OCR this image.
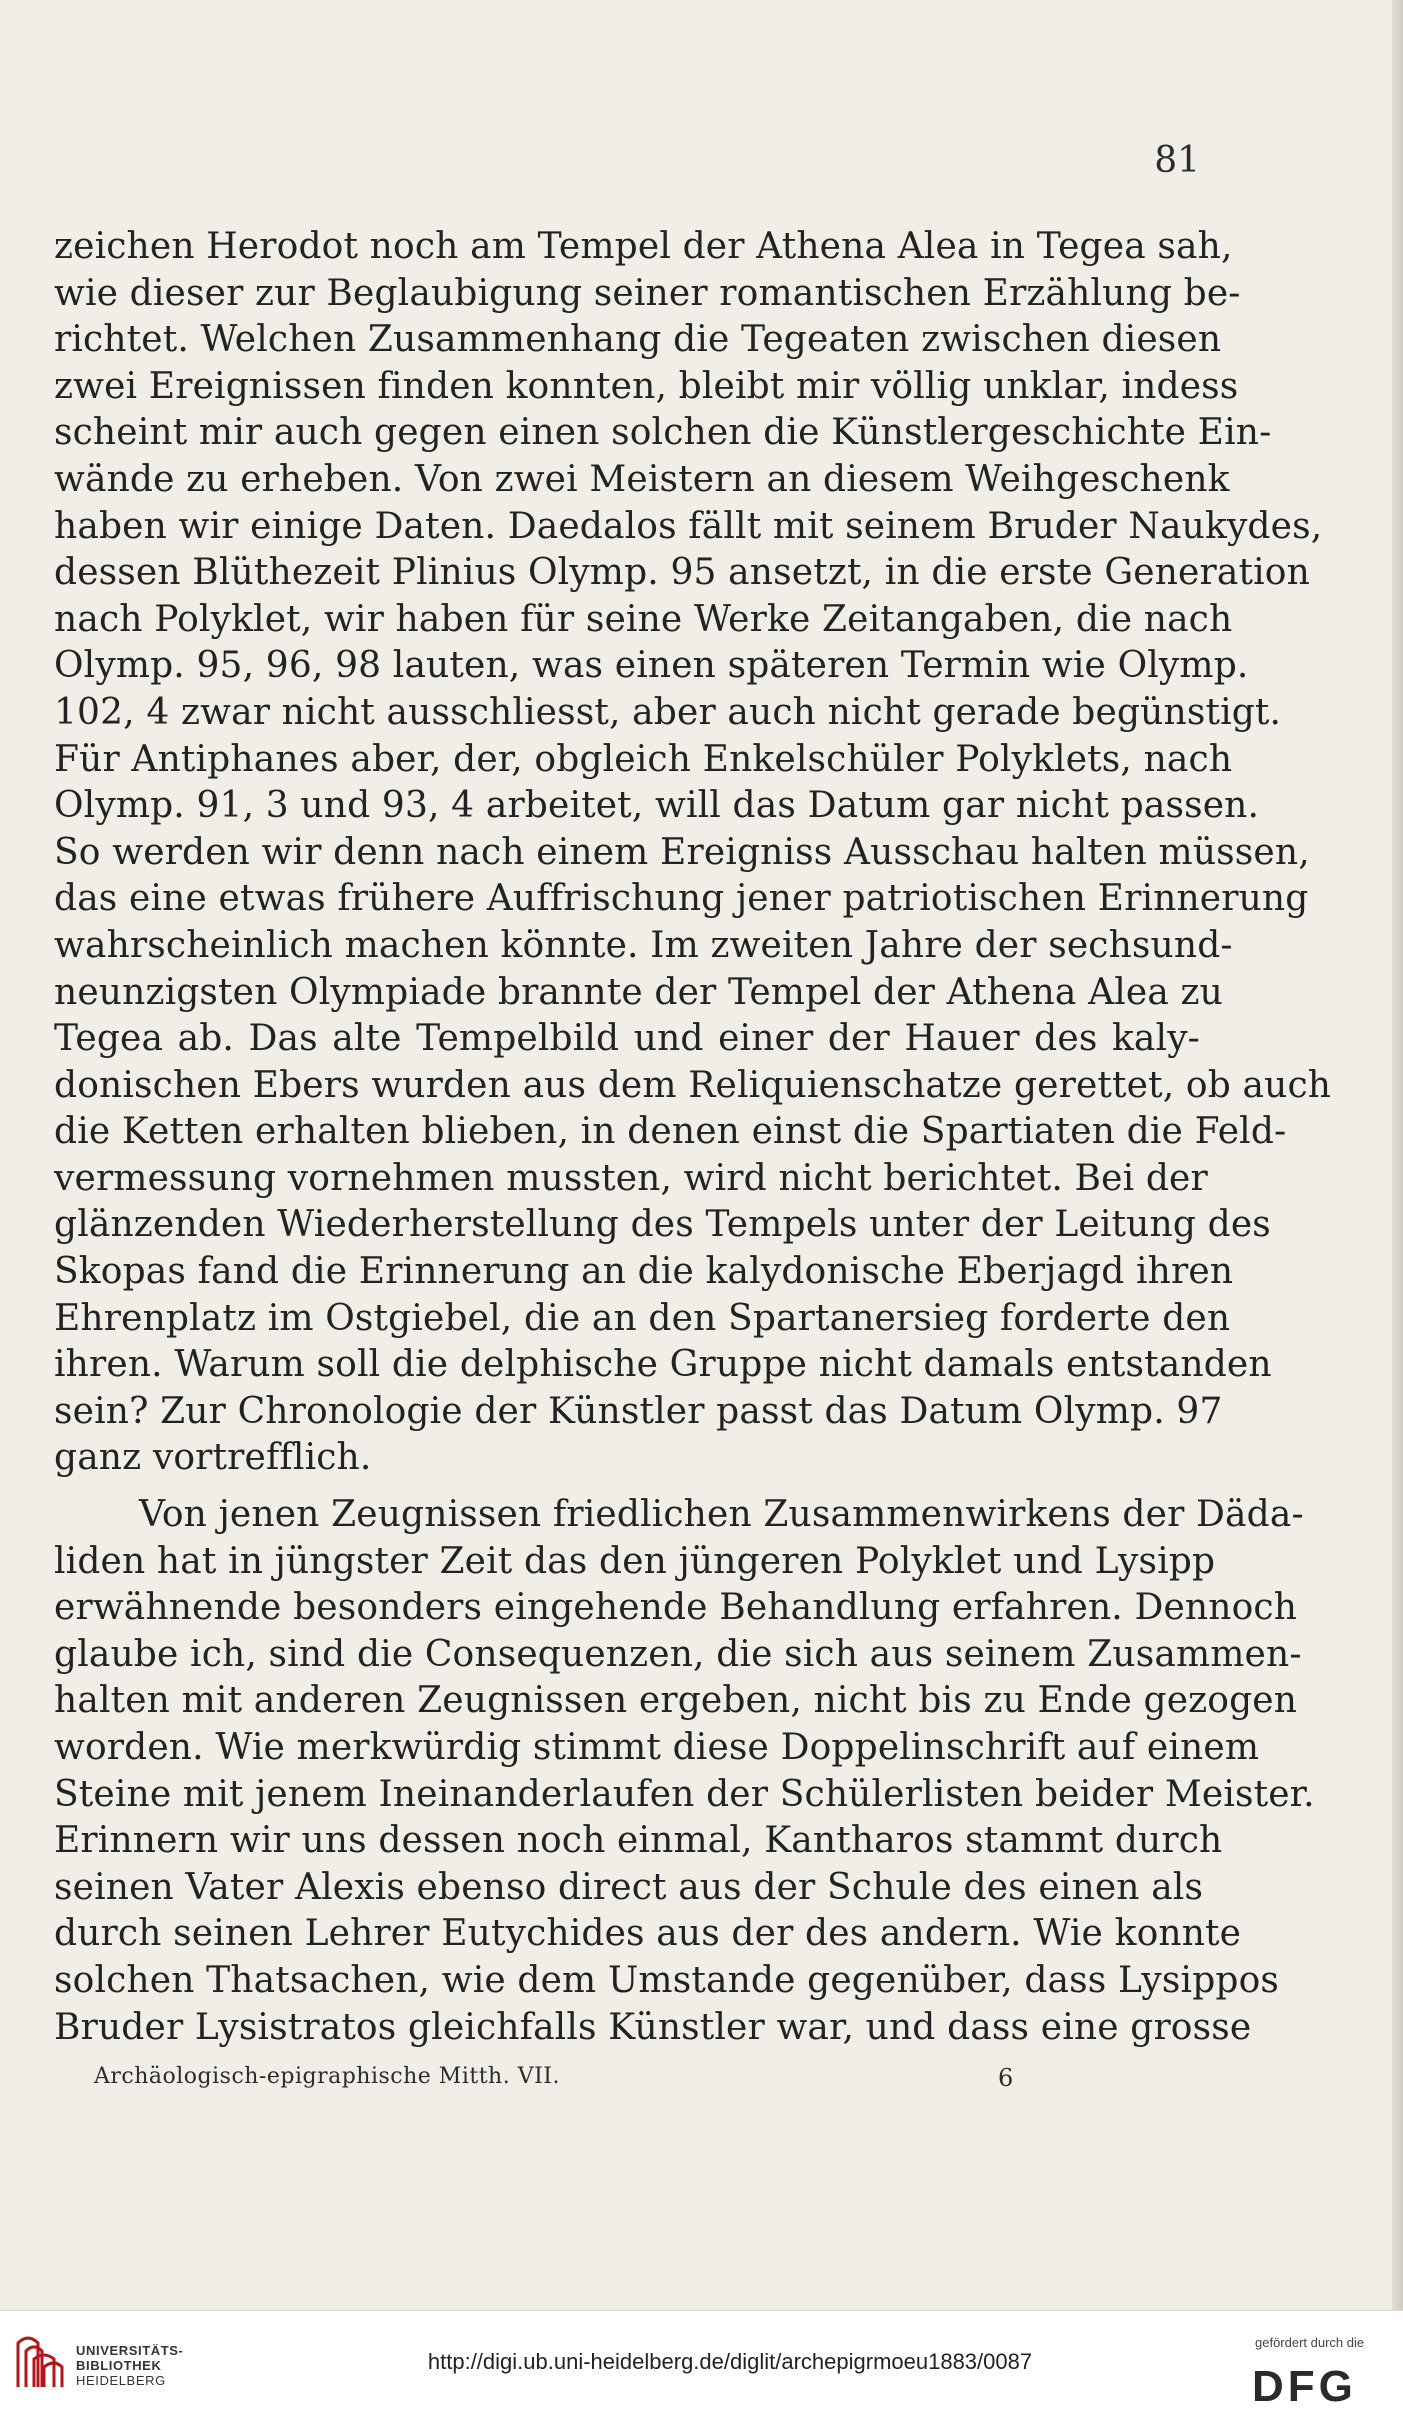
81
zeichen Herodot noch am Tempel der Athena Alea in Tegea sah,
wie dieser zur Beglaubigung seiner romantischen Erzählung be-
richtet. Welchen Zusammenhang die Tegeaten zwischen diesen
zwei Ereignissen finden konnten, bleibt mir völlig unklar, indess
scheint mir auch gegen einen solchen die Künstlergeschichte Ein-
wände zu erheben. Von zwei Meistern an diesem Weihgeschenk
haben wir einige Daten. Daedalos fällt mit seinem Bruder Naukydes,
dessen Blüthezeit Plinius Olymp. 95 ansetzt, in die erste Generation
nach Polyklet, wir haben für seine Werke Zeitangaben, die nach
Olymp. 95, 96, 98 lauten, was einen späteren Termin wie Olymp.
102, 4 zwar nicht ausschliesst, aber auch nicht gerade begünstigt.
Für Antiphanes aber, der, obgleich Enkelschüler Polyklets, nach
Olymp. 91, 3 und 93, 4 arbeitet, will das Datum gar nicht passen.
So werden wir denn nach einem Ereigniss Ausschau halten müssen,
das eine etwas frühere Auffrischung jener patriotischen Erinnerung
wahrscheinlich machen könnte. Im zweiten Jahre der sechsund-
neunzigsten Olympiade brannte der Tempel der Athena Alea zu
Tegea ab. Das alte Tempelbild und einer der Hauer des kaly-
donischen Ebers wurden aus dem Reliquienschatze gerettet, ob auch
die Ketten erhalten blieben, in denen einst die Spartiaten die Feld-
vermessung vornehmen mussten, wird nicht berichtet. Bei der
glänzenden Wiederherstellung des Tempels unter der Leitung des
Skopas fand die Erinnerung an die kalydonische Eberjagd ihren
Ehrenplatz im Ostgiebel, die an den Spartanersieg forderte den
ihren. Warum soll die delphische Gruppe nicht damals entstanden
sein? Zur Chronologie der Künstler passt das Datum Olymp. 97
ganz vortrefflich.
Von jenen Zeugnissen friedlichen Zusammenwirkens der Däda-
liden hat in jüngster Zeit das den jüngeren Polyklet und Lysipp
erwähnende besonders eingehende Behandlung erfahren. Dennoch
glaube ich, sind die Consequenzen, die sich aus seinem Zusammen-
halten mit anderen Zeugnissen ergeben, nicht bis zu Ende gezogen
worden. Wie merkwürdig stimmt diese Doppelinschrift auf einem
Steine mit jenem Ineinanderlaufen der Schülerlisten beider Meister.
Erinnern wir uns dessen noch einmal, Kantharos stammt durch
seinen Vater Alexis ebenso direct aus der Schule des einen als
durch seinen Lehrer Eutychides aus der des andern. Wie konnte
solchen Thatsachen, wie dem Umstande gegenüber, dass Lysippos
Bruder Lysistratos gleichfalls Künstler war, und dass eine grosse
Archäologisch-epigraphische Mitth. VII.	6
UNIVERSITÄTS-
BIBLIOTHEK
HEIDELBERG
http://digi.ub.uni-heidelberg.de/diglit/archepigrmoeu1883/0087
gefördert durch die
DFG
